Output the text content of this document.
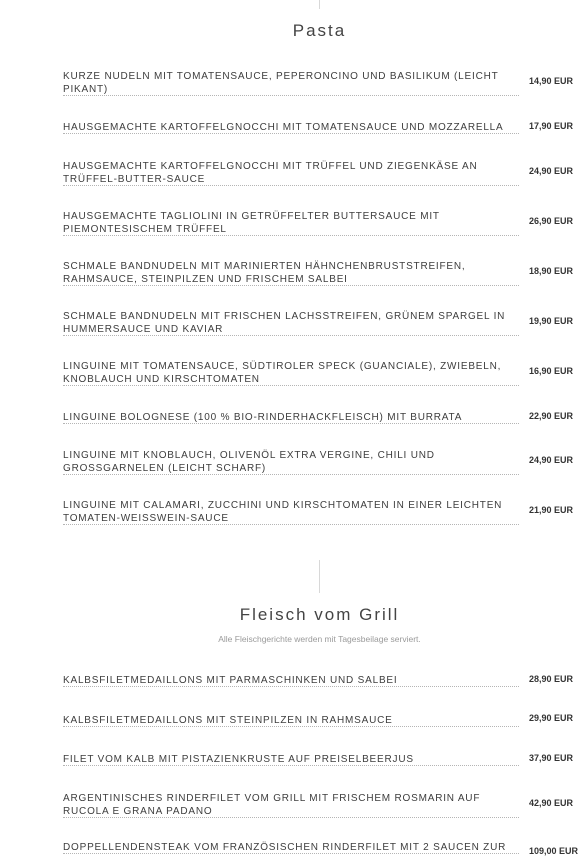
Pasta
KURZE NUDELN MIT TOMATENSAUCE, PEPERONCINO UND BASILIKUM (LEICHT PIKANT)
14,90 EUR
HAUSGEMACHTE KARTOFFELGNOCCHI MIT TOMATENSAUCE UND MOZZARELLA	17,90 EUR
HAUSGEMACHTE KARTOFFELGNOCCHI MIT TRÜFFEL UND ZIEGENKÄSE AN TRÜFFEL-BUTTER-SAUCE
24,90 EUR
HAUSGEMACHTE TAGLIOLINI IN GETRÜFFELTER BUTTERSAUCE MIT PIEMONTESISCHEM TRÜFFEL
26,90 EUR
SCHMALE BANDNUDELN MIT MARINIERTEN HÄHNCHENBRUSTSTREIFEN, RAHMSAUCE, STEINPILZEN UND FRISCHEM SALBEI
18,90 EUR
SCHMALE BANDNUDELN MIT FRISCHEN LACHSSTREIFEN, GRÜNEM SPARGEL IN HUMMERSAUCE UND KAVIAR
19,90 EUR
LINGUINE MIT TOMATENSAUCE, SÜDTIROLER SPECK (GUANCIALE), ZWIEBELN, KNOBLAUCH UND KIRSCHTOMATEN
16,90 EUR
LINGUINE BOLOGNESE (100 % BIO-RINDERHACKFLEISCH) MIT BURRATA	22,90 EUR
LINGUINE MIT KNOBLAUCH, OLIVENÖL EXTRA VERGINE, CHILI UND GROSSGARNELEN (LEICHT SCHARF)
24,90 EUR
LINGUINE MIT CALAMARI, ZUCCHINI UND KIRSCHTOMATEN IN EINER LEICHTEN TOMATEN-WEISSWEIN-SAUCE
21,90 EUR
Fleisch vom Grill
Alle Fleischgerichte werden mit Tagesbeilage serviert.
KALBSFILETMEDAILLONS MIT PARMASCHINKEN UND SALBEI	28,90 EUR
KALBSFILETMEDAILLONS MIT STEINPILZEN IN RAHMSAUCE	29,90 EUR
FILET VOM KALB MIT PISTAZIENKRUSTE AUF PREISELBEERJUS	37,90 EUR
ARGENTINISCHES RINDERFILET VOM GRILL MIT FRISCHEM ROSMARIN AUF RUCOLA E GRANA PADANO
42,90 EUR
DOPPELLENDENSTEAK VOM FRANZÖSISCHEN RINDERFILET MIT 2 SAUCEN ZUR	109,00 EUR
